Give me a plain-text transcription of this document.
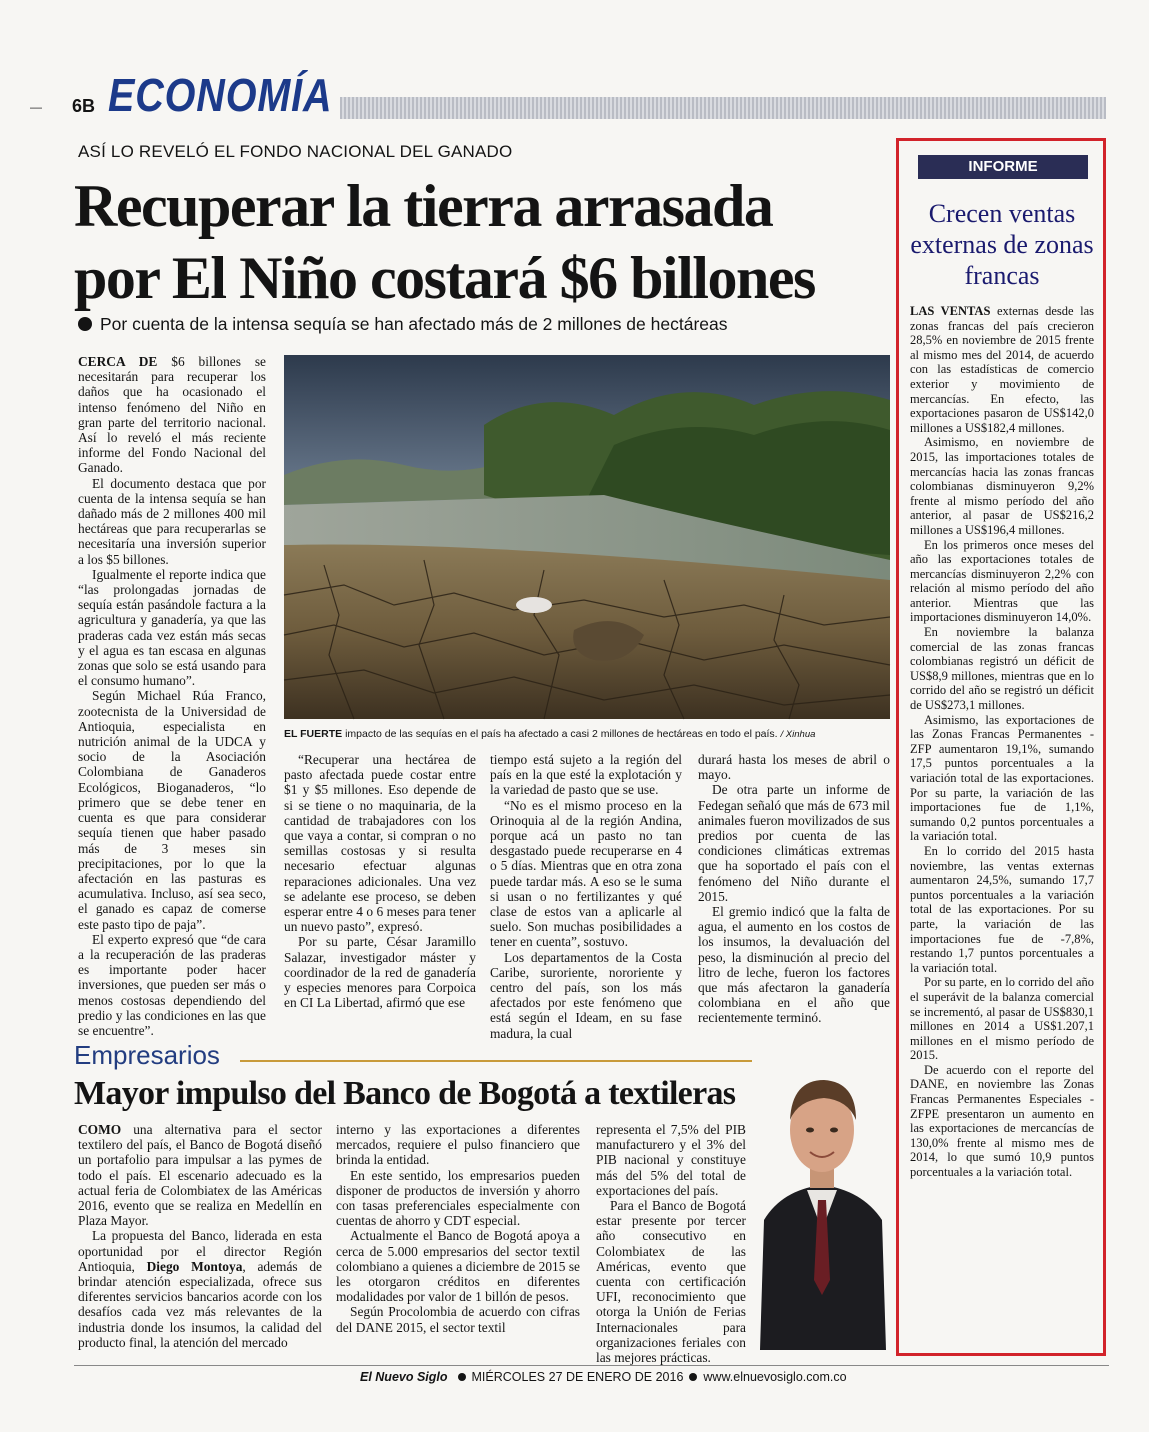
6B ECONOMÍA
—
ASÍ LO REVELÓ EL FONDO NACIONAL DEL GANADO
Recuperar la tierra arrasada
por El Niño costará $6 billones
Por cuenta de la intensa sequía se han afectado más de 2 millones de hectáreas
EL FUERTE impacto de las sequías en el país ha afectado a casi 2 millones de hectáreas en todo el país. / Xinhua

CERCA DE $6 billones se necesitarán para recuperar los daños que ha ocasionado el intenso fenómeno del Niño en gran parte del territorio nacional. Así lo reveló el más reciente informe del Fondo Nacional del Ganado.

El documento destaca que por cuenta de la intensa sequía se han dañado más de 2 millones 400 mil hectáreas que para recuperarlas se necesitaría una inversión superior a los $5 billones.

Igualmente el reporte indica que “las prolongadas jornadas de sequía están pasándole factura a la agricultura y ganadería, ya que las praderas cada vez están más secas y el agua es tan escasa en algunas zonas que solo se está usando para el consumo humano”.

Según Michael Rúa Franco, zootecnista de la Universidad de Antioquia, especialista en nutrición animal de la UDCA y socio de la Asociación Colombiana de Ganaderos Ecológicos, Bioganaderos, “lo primero que se debe tener en cuenta es que para considerar sequía tienen que haber pasado más de 3 meses sin precipitaciones, por lo que la afectación en las pasturas es acumulativa. Incluso, así sea seco, el ganado es capaz de comerse este pasto tipo de paja”.

El experto expresó que “de cara a la recuperación de las praderas es importante poder hacer inversiones, que pueden ser más o menos costosas dependiendo del predio y las condiciones en las que se encuentre”.

“Recuperar una hectárea de pasto afectada puede costar entre $1 y $5 millones. Eso depende de si se tiene o no maquinaria, de la cantidad de trabajadores con los que vaya a contar, si compran o no semillas costosas y si resulta necesario efectuar algunas reparaciones adicionales. Una vez se adelante ese proceso, se deben esperar entre 4 o 6 meses para tener un nuevo pasto”, expresó.

Por su parte, César Jaramillo Salazar, investigador máster y coordinador de la red de ganadería y especies menores para Corpoica en CI La Libertad, afirmó que ese

tiempo está sujeto a la región del país en la que esté la explotación y la variedad de pasto que se use.

“No es el mismo proceso en la Orinoquia al de la región Andina, porque acá un pasto no tan desgastado puede recuperarse en 4 o 5 días. Mientras que en otra zona puede tardar más. A eso se le suma si usan o no fertilizantes y qué clase de estos van a aplicarle al suelo. Son muchas posibilidades a tener en cuenta”, sostuvo.

Los departamentos de la Costa Caribe, suroriente, nororiente y centro del país, son los más afectados por este fenómeno que está según el Ideam, en su fase madura, la cual

durará hasta los meses de abril o mayo.

De otra parte un informe de Fedegan señaló que más de 673 mil animales fueron movilizados de sus predios por cuenta de las condiciones climáticas extremas que ha soportado el país con el fenómeno del Niño durante el 2015.

El gremio indicó que la falta de agua, el aumento en los costos de los insumos, la devaluación del peso, la disminución al precio del litro de leche, fueron los factores que más afectaron la ganadería colombiana en el año que recientemente terminó.

INFORME
Crecen ventas externas de zonas francas

LAS VENTAS externas desde las zonas francas del país crecieron 28,5% en noviembre de 2015 frente al mismo mes del 2014, de acuerdo con las estadísticas de comercio exterior y movimiento de mercancías. En efecto, las exportaciones pasaron de US$142,0 millones a US$182,4 millones.

Asimismo, en noviembre de 2015, las importaciones totales de mercancías hacia las zonas francas colombianas disminuyeron 9,2% frente al mismo período del año anterior, al pasar de US$216,2 millones a US$196,4 millones.

En los primeros once meses del año las exportaciones totales de mercancías disminuyeron 2,2% con relación al mismo período del año anterior. Mientras que las importaciones disminuyeron 14,0%.

En noviembre la balanza comercial de las zonas francas colombianas registró un déficit de US$8,9 millones, mientras que en lo corrido del año se registró un déficit de US$273,1 millones.

Asimismo, las exportaciones de las Zonas Francas Permanentes - ZFP aumentaron 19,1%, sumando 17,5 puntos porcentuales a la variación total de las exportaciones. Por su parte, la variación de las importaciones fue de 1,1%, sumando 0,2 puntos porcentuales a la variación total.

En lo corrido del 2015 hasta noviembre, las ventas externas aumentaron 24,5%, sumando 17,7 puntos porcentuales a la variación total de las exportaciones. Por su parte, la variación de las importaciones fue de -7,8%, restando 1,7 puntos porcentuales a la variación total.

Por su parte, en lo corrido del año el superávit de la balanza comercial se incrementó, al pasar de US$830,1 millones en 2014 a US$1.207,1 millones en el mismo período de 2015.

De acuerdo con el reporte del DANE, en noviembre las Zonas Francas Permanentes Especiales - ZFPE presentaron un aumento en las exportaciones de mercancías de 130,0% frente al mismo mes de 2014, lo que sumó 10,9 puntos porcentuales a la variación total.

Empresarios
Mayor impulso del Banco de Bogotá a textileras

COMO una alternativa para el sector textilero del país, el Banco de Bogotá diseñó un portafolio para impulsar a las pymes de todo el país. El escenario adecuado es la actual feria de Colombiatex de las Américas 2016, evento que se realiza en Medellín en Plaza Mayor.

La propuesta del Banco, liderada en esta oportunidad por el director Región Antioquia, Diego Montoya, además de brindar atención especializada, ofrece sus diferentes servicios bancarios acorde con los desafíos cada vez más relevantes de la industria donde los insumos, la calidad del producto final, la atención del mercado

interno y las exportaciones a diferentes mercados, requiere el pulso financiero que brinda la entidad.

En este sentido, los empresarios pueden disponer de productos de inversión y ahorro con tasas preferenciales especialmente con cuentas de ahorro y CDT especial.

Actualmente el Banco de Bogotá apoya a cerca de 5.000 empresarios del sector textil colombiano a quienes a diciembre de 2015 se les otorgaron créditos en diferentes modalidades por valor de 1 billón de pesos.

Según Procolombia de acuerdo con cifras del DANE 2015, el sector textil

representa el 7,5% del PIB manufacturero y el 3% del PIB nacional y constituye más del 5% del total de exportaciones del país.

Para el Banco de Bogotá estar presente por tercer año consecutivo en Colombiatex de las Américas, evento que cuenta con certificación UFI, reconocimiento que otorga la Unión de Ferias Internacionales para organizaciones feriales con las mejores prácticas.

El Nuevo Siglo MIÉRCOLES 27 DE ENERO DE 2016 www.elnuevosiglo.com.co
